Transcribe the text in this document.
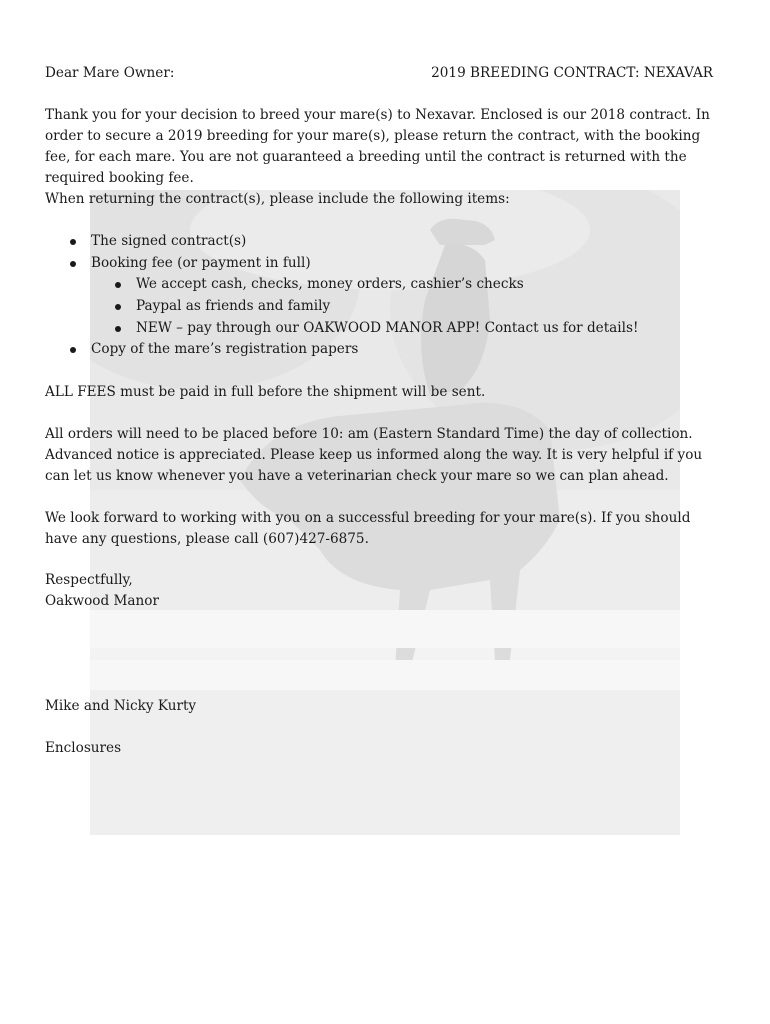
Dear Mare Owner:	2019 BREEDING CONTRACT: NEXAVAR

Thank you for your decision to breed your mare(s) to Nexavar. Enclosed is our 2018 contract. In order to secure a 2019 breeding for your mare(s), please return the contract, with the booking fee, for each mare. You are not guaranteed a breeding until the contract is returned with the required booking fee.

When returning the contract(s), please include the following items:

The signed contract(s)
Booking fee (or payment in full)
We accept cash, checks, money orders, cashier’s checks
Paypal as friends and family
NEW – pay through our OAKWOOD MANOR APP! Contact us for details!
Copy of the mare’s registration papers

ALL FEES must be paid in full before the shipment will be sent.

All orders will need to be placed before 10: am (Eastern Standard Time) the day of collection. Advanced notice is appreciated. Please keep us informed along the way. It is very helpful if you can let us know whenever you have a veterinarian check your mare so we can plan ahead.

We look forward to working with you on a successful breeding for your mare(s). If you should have any questions, please call (607)427-6875.

Respectfully,

Oakwood Manor

Mike and Nicky Kurty

Enclosures
